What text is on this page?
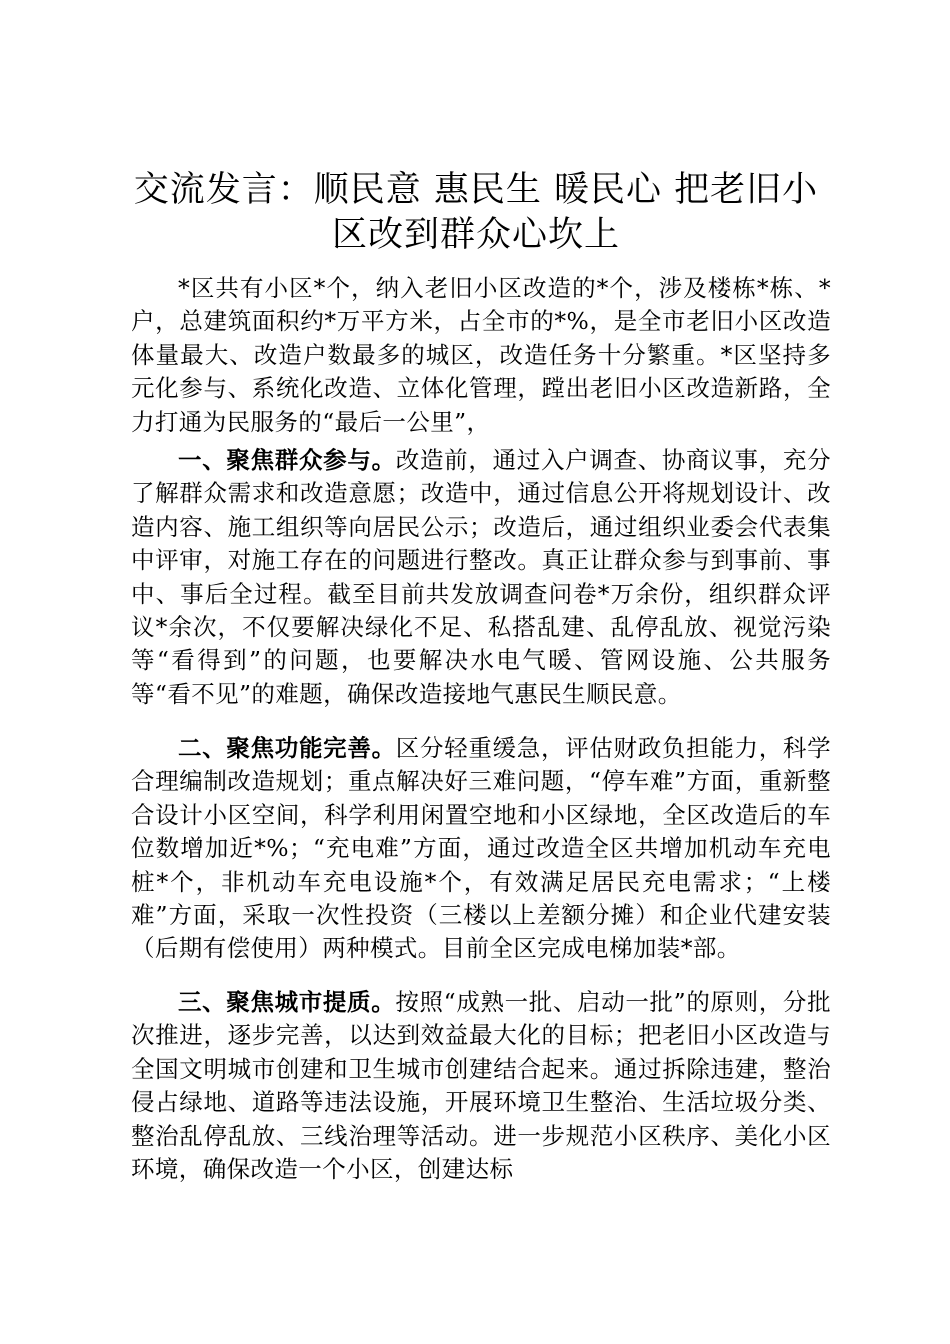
交流发言：顺民意 惠民生 暖民心 把老旧小区改到群众心坎上

*区共有小区*个，纳入老旧小区改造的*个，涉及楼栋*栋、*户，总建筑面积约*万平方米，占全市的*%，是全市老旧小区改造体量最大、改造户数最多的城区，改造任务十分繁重。*区坚持多元化参与、系统化改造、立体化管理，蹚出老旧小区改造新路，全力打通为民服务的“最后一公里”，

一、聚焦群众参与。改造前，通过入户调查、协商议事，充分了解群众需求和改造意愿；改造中，通过信息公开将规划设计、改造内容、施工组织等向居民公示；改造后，通过组织业委会代表集中评审，对施工存在的问题进行整改。真正让群众参与到事前、事中、事后全过程。截至目前共发放调查问卷*万余份，组织群众评议*余次，不仅要解决绿化不足、私搭乱建、乱停乱放、视觉污染等“看得到”的问题，也要解决水电气暖、管网设施、公共服务等“看不见”的难题，确保改造接地气惠民生顺民意。

二、聚焦功能完善。区分轻重缓急，评估财政负担能力，科学合理编制改造规划；重点解决好三难问题，“停车难”方面，重新整合设计小区空间，科学利用闲置空地和小区绿地，全区改造后的车位数增加近*%；“充电难”方面，通过改造全区共增加机动车充电桩*个，非机动车充电设施*个，有效满足居民充电需求；“上楼难”方面，采取一次性投资（三楼以上差额分摊）和企业代建安装（后期有偿使用）两种模式。目前全区完成电梯加装*部。

三、聚焦城市提质。按照“成熟一批、启动一批”的原则，分批次推进，逐步完善，以达到效益最大化的目标；把老旧小区改造与全国文明城市创建和卫生城市创建结合起来。通过拆除违建，整治侵占绿地、道路等违法设施，开展环境卫生整治、生活垃圾分类、整治乱停乱放、三线治理等活动。进一步规范小区秩序、美化小区环境，确保改造一个小区，创建达标
